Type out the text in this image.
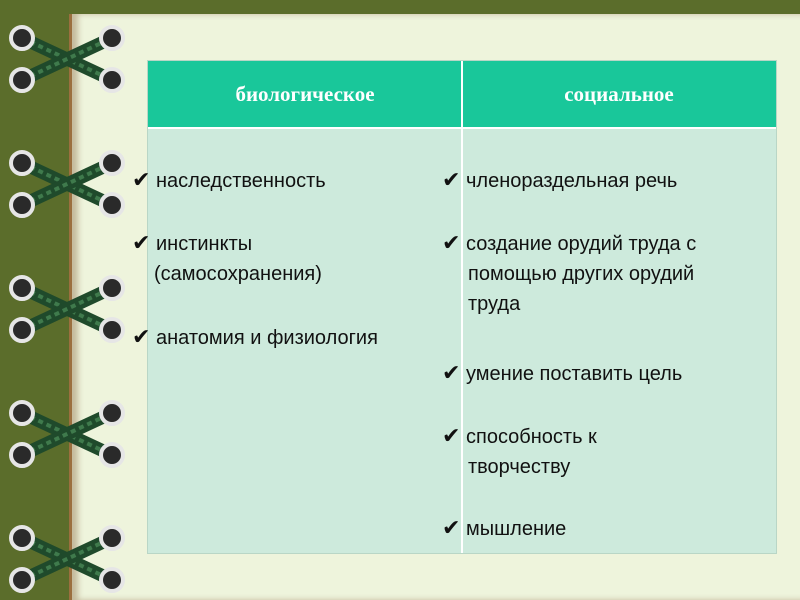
биологическое	социальное
✔ наследственность
✔ инстинкты
(самосохранения)
✔ анатомия и физиология
✔ членораздельная речь
✔ создание орудий труда с
помощью других орудий
труда
✔ умение поставить цель
✔ способность к
творчеству
✔ мышление
